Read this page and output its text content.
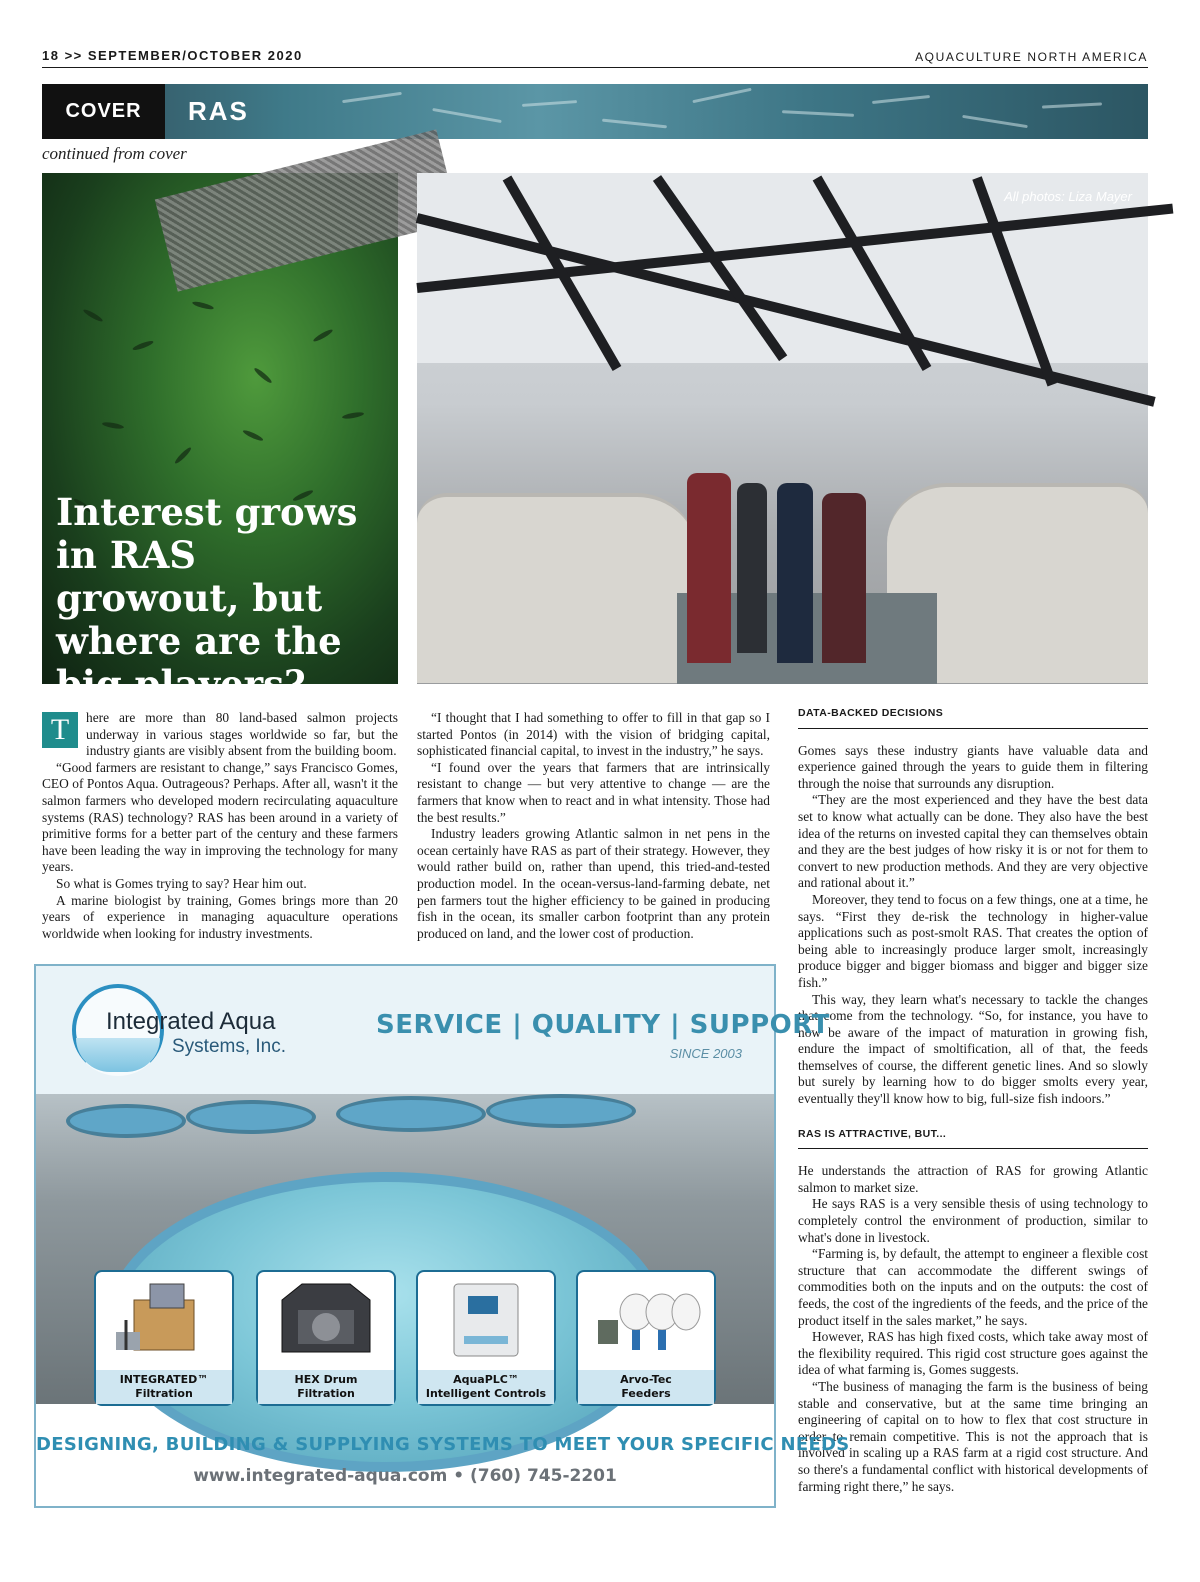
18 >> SEPTEMBER/OCTOBER 2020	AQUACULTURE NORTH AMERICA
COVER	RAS
continued from cover
Interest grows in RAS growout, but where are the big players?
All photos: Liza Mayer

T	here are more than 80 land-based salmon projects underway in various stages worldwide so far, but the industry giants are visibly absent from the building boom.

“Good farmers are resistant to change,” says Francisco Gomes, CEO of Pontos Aqua. Outrageous? Perhaps. After all, wasn't it the salmon farmers who developed modern recirculating aquaculture systems (RAS) technology? RAS has been around in a variety of primitive forms for a better part of the century and these farmers have been leading the way in improving the technology for many years.

So what is Gomes trying to say? Hear him out.

A marine biologist by training, Gomes brings more than 20 years of experience in managing aquaculture operations worldwide when looking for industry investments.

“I thought that I had something to offer to fill in that gap so I started Pontos (in 2014) with the vision of bridging capital, sophisticated financial capital, to invest in the industry,” he says.

“I found over the years that farmers that are intrinsically resistant to change — but very attentive to change — are the farmers that know when to react and in what intensity. Those had the best results.”

Industry leaders growing Atlantic salmon in net pens in the ocean certainly have RAS as part of their strategy. However, they would rather build on, rather than upend, this tried-and-tested production model. In the ocean-versus-land-farming debate, net pen farmers tout the higher efficiency to be gained in producing fish in the ocean, its smaller carbon footprint than any protein produced on land, and the lower cost of production.

DATA-BACKED DECISIONS

Gomes says these industry giants have valuable data and experience gained through the years to guide them in filtering through the noise that surrounds any disruption.

“They are the most experienced and they have the best data set to know what actually can be done. They also have the best idea of the returns on invested capital they can themselves obtain and they are the best judges of how risky it is or not for them to convert to new production methods. And they are very objective and rational about it.”

Moreover, they tend to focus on a few things, one at a time, he says. “First they de-risk the technology in higher-value applications such as post-smolt RAS. That creates the option of being able to increasingly produce larger smolt, increasingly produce bigger and bigger biomass and bigger and bigger size fish.”

This way, they learn what's necessary to tackle the changes that come from the technology. “So, for instance, you have to now be aware of the impact of maturation in growing fish, endure the impact of smoltification, all of that, the feeds themselves of course, the different genetic lines. And so slowly but surely by learning how to do bigger smolts every year, eventually they'll know how to big, full-size fish indoors.”

RAS IS ATTRACTIVE, BUT...

He understands the attraction of RAS for growing Atlantic salmon to market size.

He says RAS is a very sensible thesis of using technology to completely control the environment of production, similar to what's done in livestock.

“Farming is, by default, the attempt to engineer a flexible cost structure that can accommodate the different swings of commodities both on the inputs and on the outputs: the cost of feeds, the cost of the ingredients of the feeds, and the price of the product itself in the sales market,” he says.

However, RAS has high fixed costs, which take away most of the flexibility required. This rigid cost structure goes against the idea of what farming is, Gomes suggests.

“The business of managing the farm is the business of being stable and conservative, but at the same time bringing an engineering of capital on to how to flex that cost structure in order to remain competitive. This is not the approach that is involved in scaling up a RAS farm at a rigid cost structure. And so there's a fundamental conflict with historical developments of farming right there,” he says.

Integrated Aqua
Systems, Inc.
SERVICE | QUALITY | SUPPORT
SINCE 2003
INTEGRATED™
Filtration
HEX Drum
Filtration
AquaPLC™
Intelligent Controls
Arvo-Tec
Feeders
DESIGNING, BUILDING & SUPPLYING SYSTEMS TO MEET YOUR SPECIFIC NEEDS
www.integrated-aqua.com • (760) 745-2201
